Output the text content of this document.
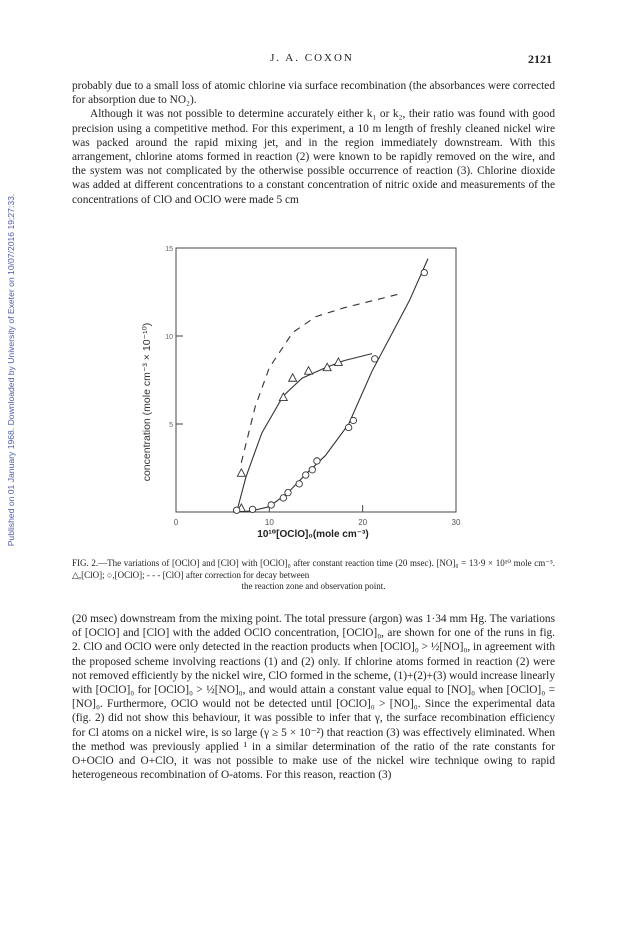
Published on 01 January 1968. Downloaded by University of Exeter on 10/07/2016 19:27:33.
J. A. COXON	2121

probably due to a small loss of atomic chlorine via surface recombination (the absorbances were corrected for absorption due to NO₂).

Although it was not possible to determine accurately either k₁ or k₂, their ratio was found with good precision using a competitive method. For this experiment, a 10 m length of freshly cleaned nickel wire was packed around the rapid mixing jet, and in the region immediately downstream. With this arrangement, chlorine atoms formed in reaction (2) were known to be rapidly removed on the wire, and the system was not complicated by the otherwise possible occurrence of reaction (3). Chlorine dioxide was added at different concentrations to a constant concentration of nitric oxide and measurements of the concentrations of ClO and OClO were made 5 cm

0	10	20	30
5
10
15
concentration (mole cm⁻³ × 10⁻¹⁰)
10¹⁰[OClO]₀(mole cm⁻³)
FIG. 2.—The variations of [OClO] and [ClO] with [OClO]₀ after constant reaction time (20 msec). [NO]₀ = 13·9 × 10¹⁰ mole cm⁻³. △,[ClO]; ○,[OClO]; - - - [ClO] after correction for decay between
the reaction zone and observation point.

(20 msec) downstream from the mixing point. The total pressure (argon) was 1·34 mm Hg. The variations of [OClO] and [ClO] with the added OClO concentration, [OClO]₀, are shown for one of the runs in fig. 2. ClO and OClO were only detected in the reaction products when [OClO]₀ > ½[NO]₀, in agreement with the proposed scheme involving reactions (1) and (2) only. If chlorine atoms formed in reaction (2) were not removed efficiently by the nickel wire, ClO formed in the scheme, (1)+(2)+(3) would increase linearly with [OClO]₀ for [OClO]₀ > ½[NO]₀, and would attain a constant value equal to [NO]₀ when [OClO]₀ = [NO]₀. Furthermore, OClO would not be detected until [OClO]₀ > [NO]₀. Since the experimental data (fig. 2) did not show this behaviour, it was possible to infer that γ, the surface recombination efficiency for Cl atoms on a nickel wire, is so large (γ ≥ 5 × 10⁻²) that reaction (3) was effectively eliminated. When the method was previously applied ¹ in a similar determination of the ratio of the rate constants for O+OClO and O+ClO, it was not possible to make use of the nickel wire technique owing to rapid heterogeneous recombination of O-atoms. For this reason, reaction (3)
